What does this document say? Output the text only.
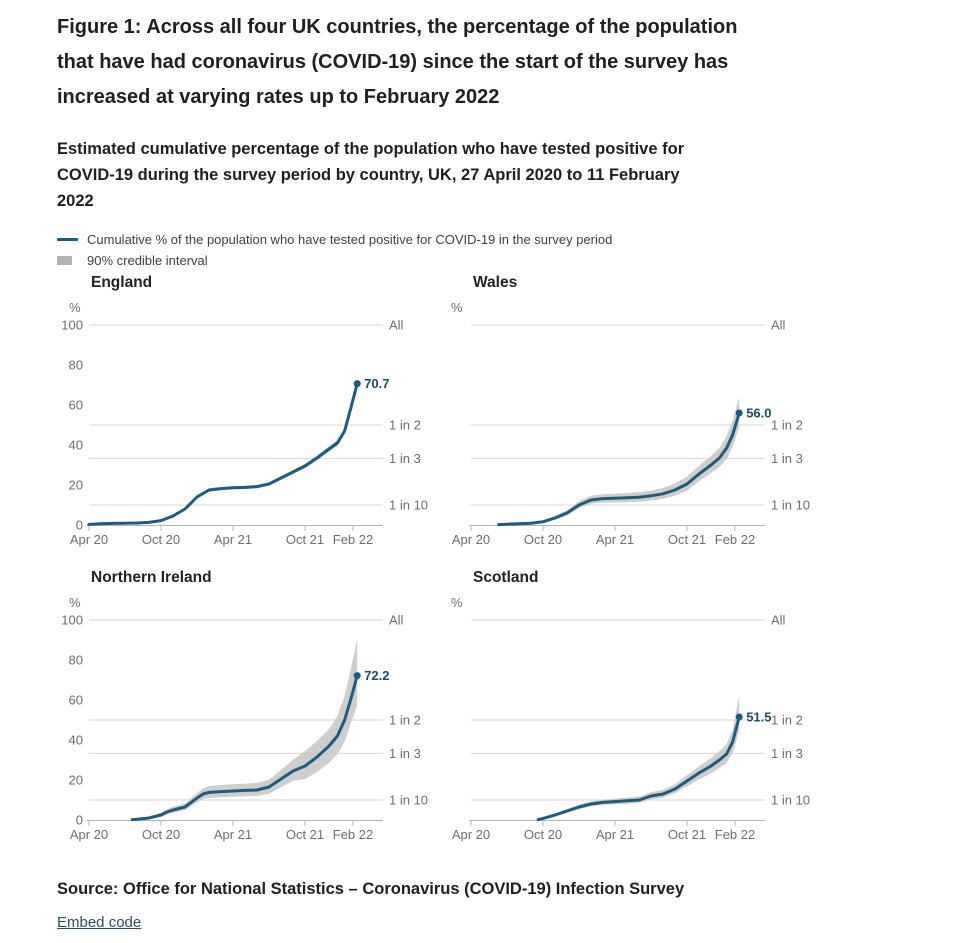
Figure 1: Across all four UK countries, the percentage of the population that have had coronavirus (COVID-19) since the start of the survey has increased at varying rates up to February 2022
Estimated cumulative percentage of the population who have tested positive for COVID-19 during the survey period by country, UK, 27 April 2020 to 11 February 2022
Cumulative % of the population who have tested positive for COVID-19 in the survey period
90% credible interval
England
%
All
1 in 2
1 in 3
1 in 10
0
20
40
60
80
100
Apr 20	Oct 20	Apr 21	Oct 21 Feb 22
70.7
Wales
%
All
1 in 2
1 in 3
1 in 10
Apr 20	Oct 20	Apr 21	Oct 21 Feb 22
56.0
Northern Ireland
%
All
1 in 2
1 in 3
1 in 10
0
20
40
60
80
100
Apr 20	Oct 20	Apr 21	Oct 21 Feb 22
72.2
Scotland
%
All
1 in 2
1 in 3
1 in 10
Apr 20	Oct 20	Apr 21	Oct 21 Feb 22
51.5
Source: Office for National Statistics – Coronavirus (COVID-19) Infection Survey
Embed code
